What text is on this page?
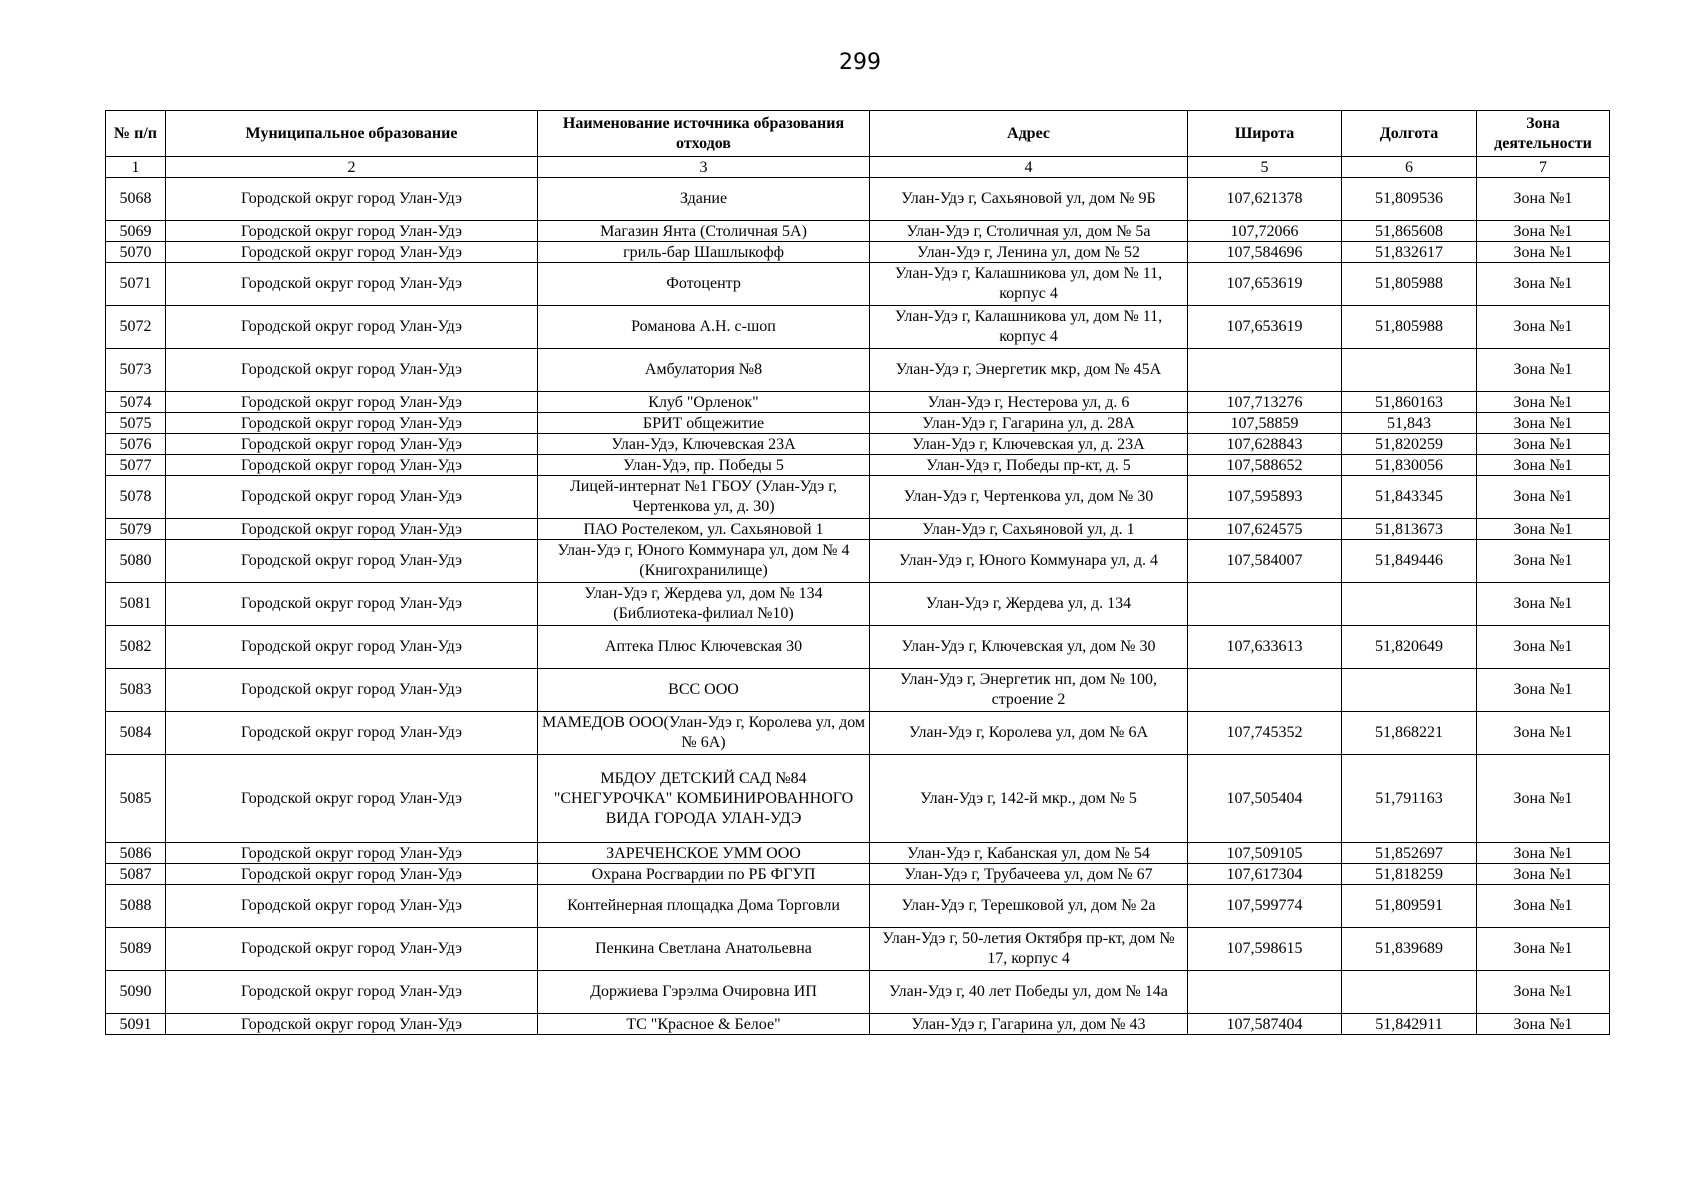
299
№ п/п	Муниципальное образование	Наименование источника образования отходов	Адрес	Широта	Долгота	Зона деятельности
1	2	3	4	5	6	7
5068	Городской округ город Улан-Удэ	Здание	Улан-Удэ г, Сахьяновой ул, дом № 9Б	107,621378	51,809536	Зона №1
5069	Городской округ город Улан-Удэ	Магазин Янта (Столичная 5А)	Улан-Удэ г, Столичная ул, дом № 5а	107,72066	51,865608	Зона №1
5070	Городской округ город Улан-Удэ	гриль-бар Шашлыкофф	Улан-Удэ г, Ленина ул, дом № 52	107,584696	51,832617	Зона №1
5071	Городской округ город Улан-Удэ	Фотоцентр	Улан-Удэ г, Калашникова ул, дом № 11, корпус 4	107,653619	51,805988	Зона №1
5072	Городской округ город Улан-Удэ	Романова А.Н. с-шоп	Улан-Удэ г, Калашникова ул, дом № 11, корпус 4	107,653619	51,805988	Зона №1
5073	Городской округ город Улан-Удэ	Амбулатория №8	Улан-Удэ г, Энергетик мкр, дом № 45А			Зона №1
5074	Городской округ город Улан-Удэ	Клуб "Орленок"	Улан-Удэ г, Нестерова ул, д. 6	107,713276	51,860163	Зона №1
5075	Городской округ город Улан-Удэ	БРИТ общежитие	Улан-Удэ г, Гагарина ул, д. 28А	107,58859	51,843	Зона №1
5076	Городской округ город Улан-Удэ	Улан-Удэ, Ключевская 23А	Улан-Удэ г, Ключевская ул, д. 23А	107,628843	51,820259	Зона №1
5077	Городской округ город Улан-Удэ	Улан-Удэ, пр. Победы 5	Улан-Удэ г, Победы пр-кт, д. 5	107,588652	51,830056	Зона №1
5078	Городской округ город Улан-Удэ	Лицей-интернат №1 ГБОУ (Улан-Удэ г, Чертенкова ул, д. 30)	Улан-Удэ г, Чертенкова ул, дом № 30	107,595893	51,843345	Зона №1
5079	Городской округ город Улан-Удэ	ПАО Ростелеком, ул. Сахьяновой 1	Улан-Удэ г, Сахьяновой ул, д. 1	107,624575	51,813673	Зона №1
5080	Городской округ город Улан-Удэ	Улан-Удэ г, Юного Коммунара ул, дом № 4 (Книгохранилище)	Улан-Удэ г, Юного Коммунара ул, д. 4	107,584007	51,849446	Зона №1
5081	Городской округ город Улан-Удэ	Улан-Удэ г, Жердева ул, дом № 134 (Библиотека-филиал №10)	Улан-Удэ г, Жердева ул, д. 134			Зона №1
5082	Городской округ город Улан-Удэ	Аптека Плюс Ключевская 30	Улан-Удэ г, Ключевская ул, дом № 30	107,633613	51,820649	Зона №1
5083	Городской округ город Улан-Удэ	ВСС ООО	Улан-Удэ г, Энергетик нп, дом № 100, строение 2			Зона №1
5084	Городской округ город Улан-Удэ	МАМЕДОВ ООО(Улан-Удэ г, Королева ул, дом № 6А)	Улан-Удэ г, Королева ул, дом № 6А	107,745352	51,868221	Зона №1
5085	Городской округ город Улан-Удэ	МБДОУ ДЕТСКИЙ САД №84 "СНЕГУРОЧКА" КОМБИНИРОВАННОГО ВИДА ГОРОДА УЛАН-УДЭ	Улан-Удэ г, 142-й мкр., дом № 5	107,505404	51,791163	Зона №1
5086	Городской округ город Улан-Удэ	ЗАРЕЧЕНСКОЕ УММ ООО	Улан-Удэ г, Кабанская ул, дом № 54	107,509105	51,852697	Зона №1
5087	Городской округ город Улан-Удэ	Охрана Росгвардии по РБ ФГУП	Улан-Удэ г, Трубачеева ул, дом № 67	107,617304	51,818259	Зона №1
5088	Городской округ город Улан-Удэ	Контейнерная площадка Дома Торговли	Улан-Удэ г, Терешковой ул, дом № 2а	107,599774	51,809591	Зона №1
5089	Городской округ город Улан-Удэ	Пенкина Светлана Анатольевна	Улан-Удэ г, 50-летия Октября пр-кт, дом № 17, корпус 4	107,598615	51,839689	Зона №1
5090	Городской округ город Улан-Удэ	Доржиева Гэрэлма Очировна ИП	Улан-Удэ г, 40 лет Победы ул, дом № 14а			Зона №1
5091	Городской округ город Улан-Удэ	ТС "Красное & Белое"	Улан-Удэ г, Гагарина ул, дом № 43	107,587404	51,842911	Зона №1
